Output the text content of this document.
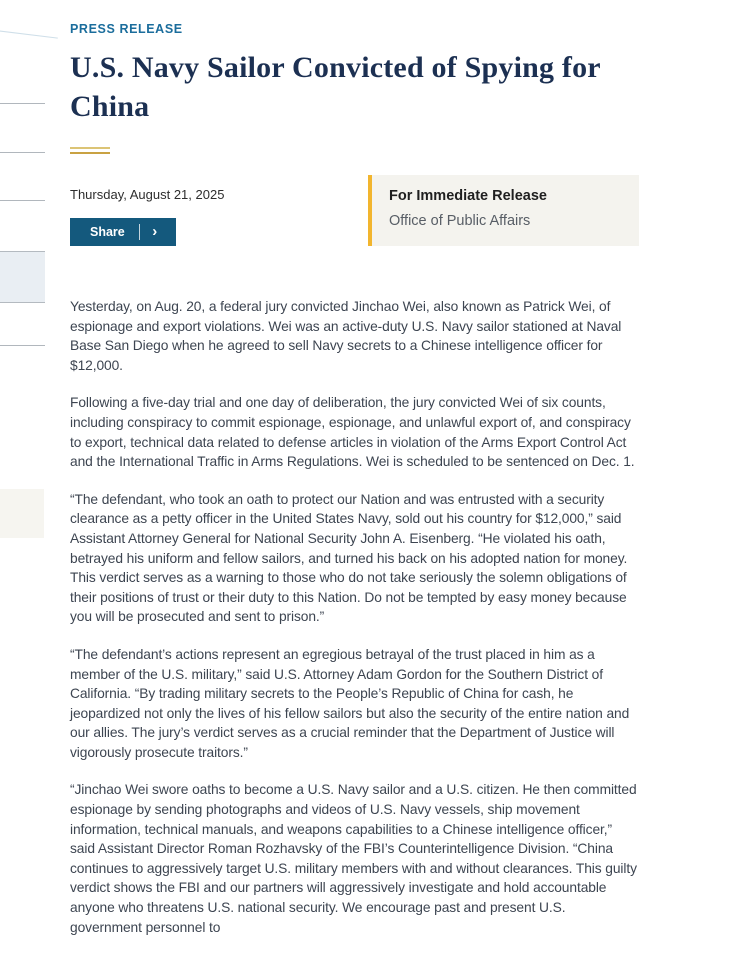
PRESS RELEASE
U.S. Navy Sailor Convicted of Spying for China
Thursday, August 21, 2025
Share	›
For Immediate Release
Office of Public Affairs

Yesterday, on Aug. 20, a federal jury convicted Jinchao Wei, also known as Patrick Wei, of espionage and export violations. Wei was an active-duty U.S. Navy sailor stationed at Naval Base San Diego when he agreed to sell Navy secrets to a Chinese intelligence officer for $12,000.

Following a five-day trial and one day of deliberation, the jury convicted Wei of six counts, including conspiracy to commit espionage, espionage, and unlawful export of, and conspiracy to export, technical data related to defense articles in violation of the Arms Export Control Act and the International Traffic in Arms Regulations. Wei is scheduled to be sentenced on Dec. 1.

“The defendant, who took an oath to protect our Nation and was entrusted with a security clearance as a petty officer in the United States Navy, sold out his country for $12,000,” said Assistant Attorney General for National Security John A. Eisenberg. “He violated his oath, betrayed his uniform and fellow sailors, and turned his back on his adopted nation for money. This verdict serves as a warning to those who do not take seriously the solemn obligations of their positions of trust or their duty to this Nation. Do not be tempted by easy money because you will be prosecuted and sent to prison.”

“The defendant’s actions represent an egregious betrayal of the trust placed in him as a member of the U.S. military,” said U.S. Attorney Adam Gordon for the Southern District of California. “By trading military secrets to the People’s Republic of China for cash, he jeopardized not only the lives of his fellow sailors but also the security of the entire nation and our allies. The jury’s verdict serves as a crucial reminder that the Department of Justice will vigorously prosecute traitors.”

“Jinchao Wei swore oaths to become a U.S. Navy sailor and a U.S. citizen. He then committed espionage by sending photographs and videos of U.S. Navy vessels, ship movement information, technical manuals, and weapons capabilities to a Chinese intelligence officer,” said Assistant Director Roman Rozhavsky of the FBI’s Counterintelligence Division. “China continues to aggressively target U.S. military members with and without clearances. This guilty verdict shows the FBI and our partners will aggressively investigate and hold accountable anyone who threatens U.S. national security. We encourage past and present U.S. government personnel to
